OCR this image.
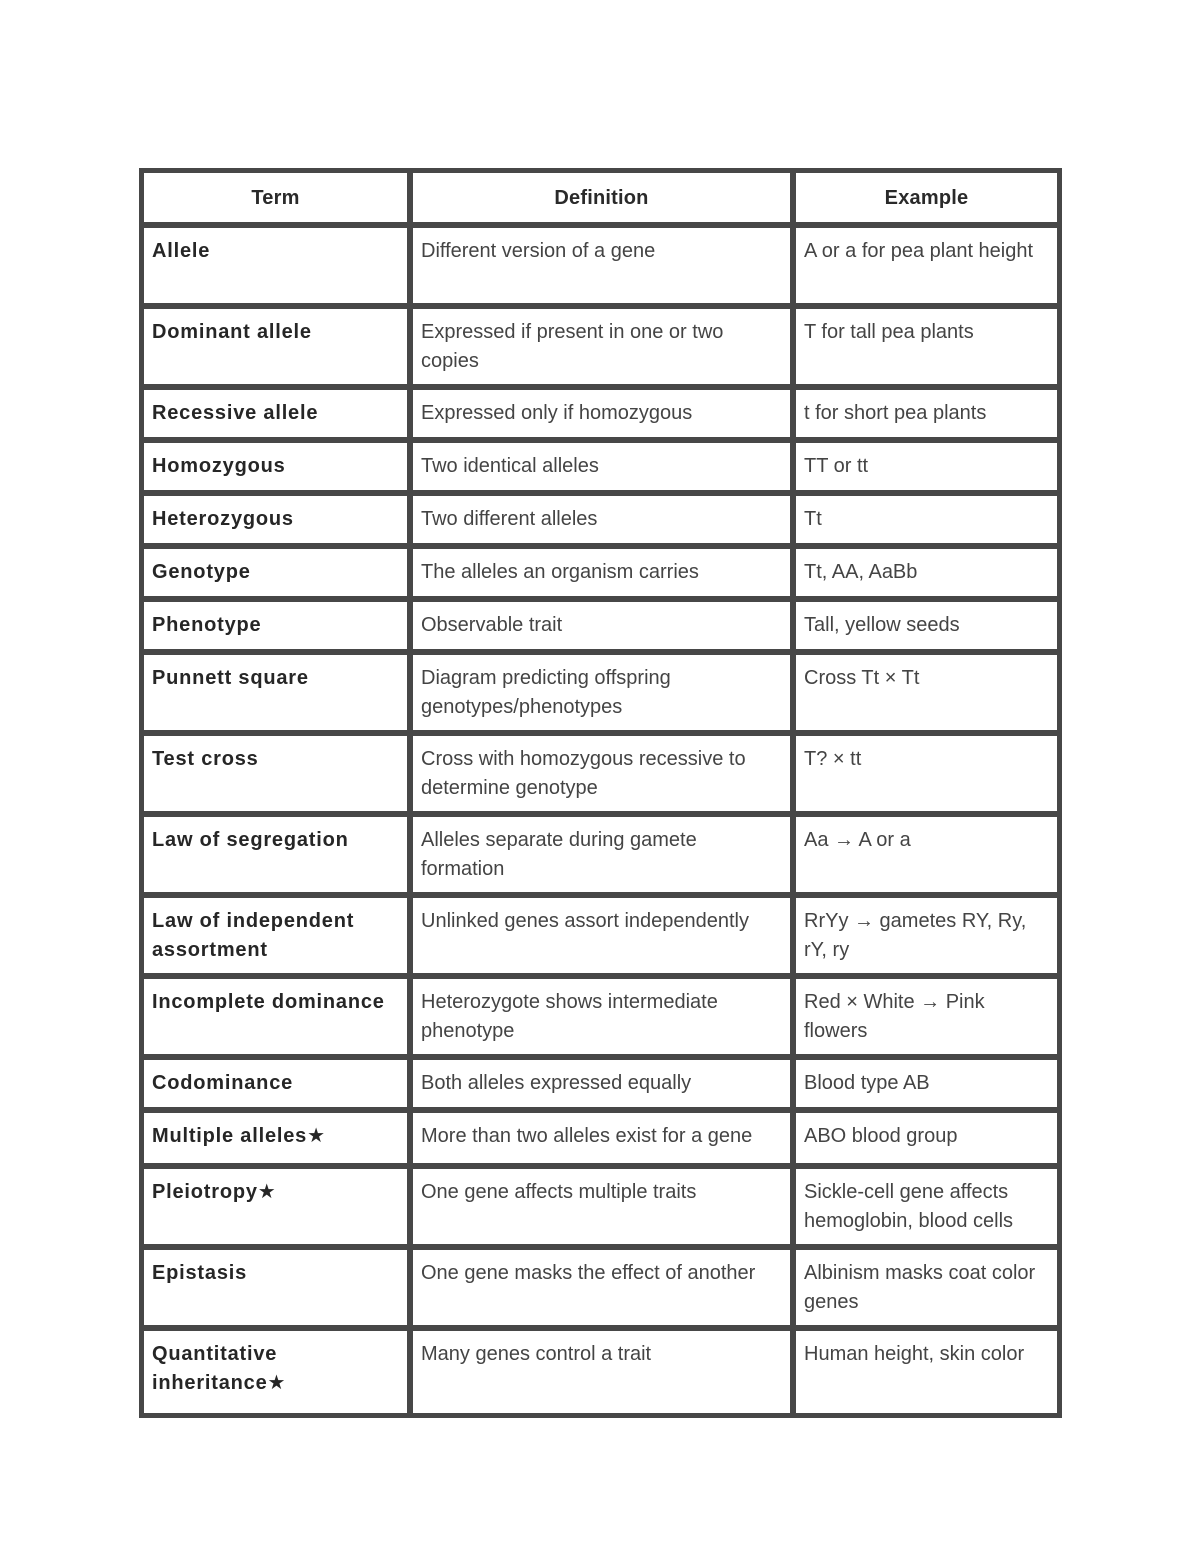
Term	Definition	Example
Allele	Different version of a gene	A or a for pea plant height
Dominant allele	Expressed if present in one or two copies	T for tall pea plants
Recessive allele	Expressed only if homozygous	t for short pea plants
Homozygous	Two identical alleles	TT or tt
Heterozygous	Two different alleles	Tt
Genotype	The alleles an organism carries	Tt, AA, AaBb
Phenotype	Observable trait	Tall, yellow seeds
Punnett square	Diagram predicting offspring genotypes/phenotypes	Cross Tt × Tt
Test cross	Cross with homozygous recessive to determine genotype	T? × tt
Law of segregation	Alleles separate during gamete formation	Aa → A or a
Law of independent assortment	Unlinked genes assort independently	RrYy → gametes RY, Ry, rY, ry
Incomplete dominance	Heterozygote shows intermediate phenotype	Red × White → Pink flowers
Codominance	Both alleles expressed equally	Blood type AB
Multiple alleles★	More than two alleles exist for a gene	ABO blood group
Pleiotropy★	One gene affects multiple traits	Sickle-cell gene affects hemoglobin, blood cells
Epistasis	One gene masks the effect of another	Albinism masks coat color genes
Quantitative inheritance★	Many genes control a trait	Human height, skin color
